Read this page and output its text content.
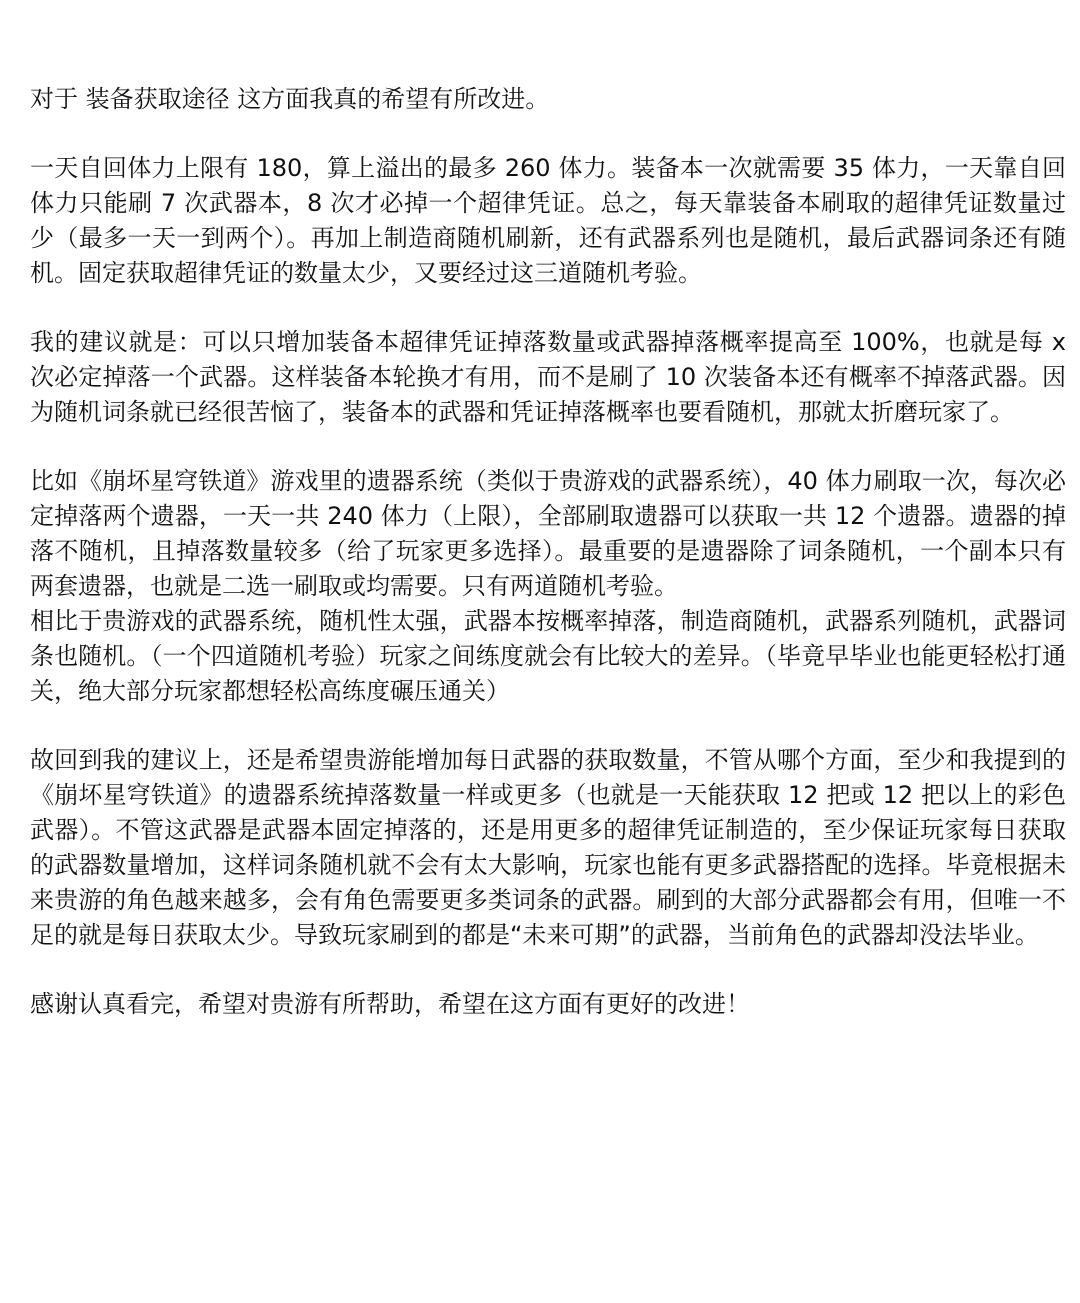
对于 装备获取途径 这方面我真的希望有所改进。

一天自回体力上限有 180，算上溢出的最多 260 体力。装备本一次就需要 35 体力，一天靠自回体力只能刷 7 次武器本，8 次才必掉一个超律凭证。总之，每天靠装备本刷取的超律凭证数量过少（最多一天一到两个）。再加上制造商随机刷新，还有武器系列也是随机，最后武器词条还有随机。固定获取超律凭证的数量太少，又要经过这三道随机考验。

我的建议就是：可以只增加装备本超律凭证掉落数量或武器掉落概率提高至 100%，也就是每 x 次必定掉落一个武器。这样装备本轮换才有用，而不是刷了 10 次装备本还有概率不掉落武器。因为随机词条就已经很苦恼了，装备本的武器和凭证掉落概率也要看随机，那就太折磨玩家了。

比如《崩坏星穹铁道》游戏里的遗器系统（类似于贵游戏的武器系统），40 体力刷取一次，每次必定掉落两个遗器，一天一共 240 体力（上限），全部刷取遗器可以获取一共 12 个遗器。遗器的掉落不随机，且掉落数量较多（给了玩家更多选择）。最重要的是遗器除了词条随机，一个副本只有两套遗器，也就是二选一刷取或均需要。只有两道随机考验。

相比于贵游戏的武器系统，随机性太强，武器本按概率掉落，制造商随机，武器系列随机，武器词条也随机。（一个四道随机考验）玩家之间练度就会有比较大的差异。（毕竟早毕业也能更轻松打通关，绝大部分玩家都想轻松高练度碾压通关）

故回到我的建议上，还是希望贵游能增加每日武器的获取数量，不管从哪个方面，至少和我提到的《崩坏星穹铁道》的遗器系统掉落数量一样或更多（也就是一天能获取 12 把或 12 把以上的彩色武器）。不管这武器是武器本固定掉落的，还是用更多的超律凭证制造的，至少保证玩家每日获取的武器数量增加，这样词条随机就不会有太大影响，玩家也能有更多武器搭配的选择。毕竟根据未来贵游的角色越来越多，会有角色需要更多类词条的武器。刷到的大部分武器都会有用，但唯一不足的就是每日获取太少。导致玩家刷到的都是“未来可期”的武器，当前角色的武器却没法毕业。

感谢认真看完，希望对贵游有所帮助，希望在这方面有更好的改进！
